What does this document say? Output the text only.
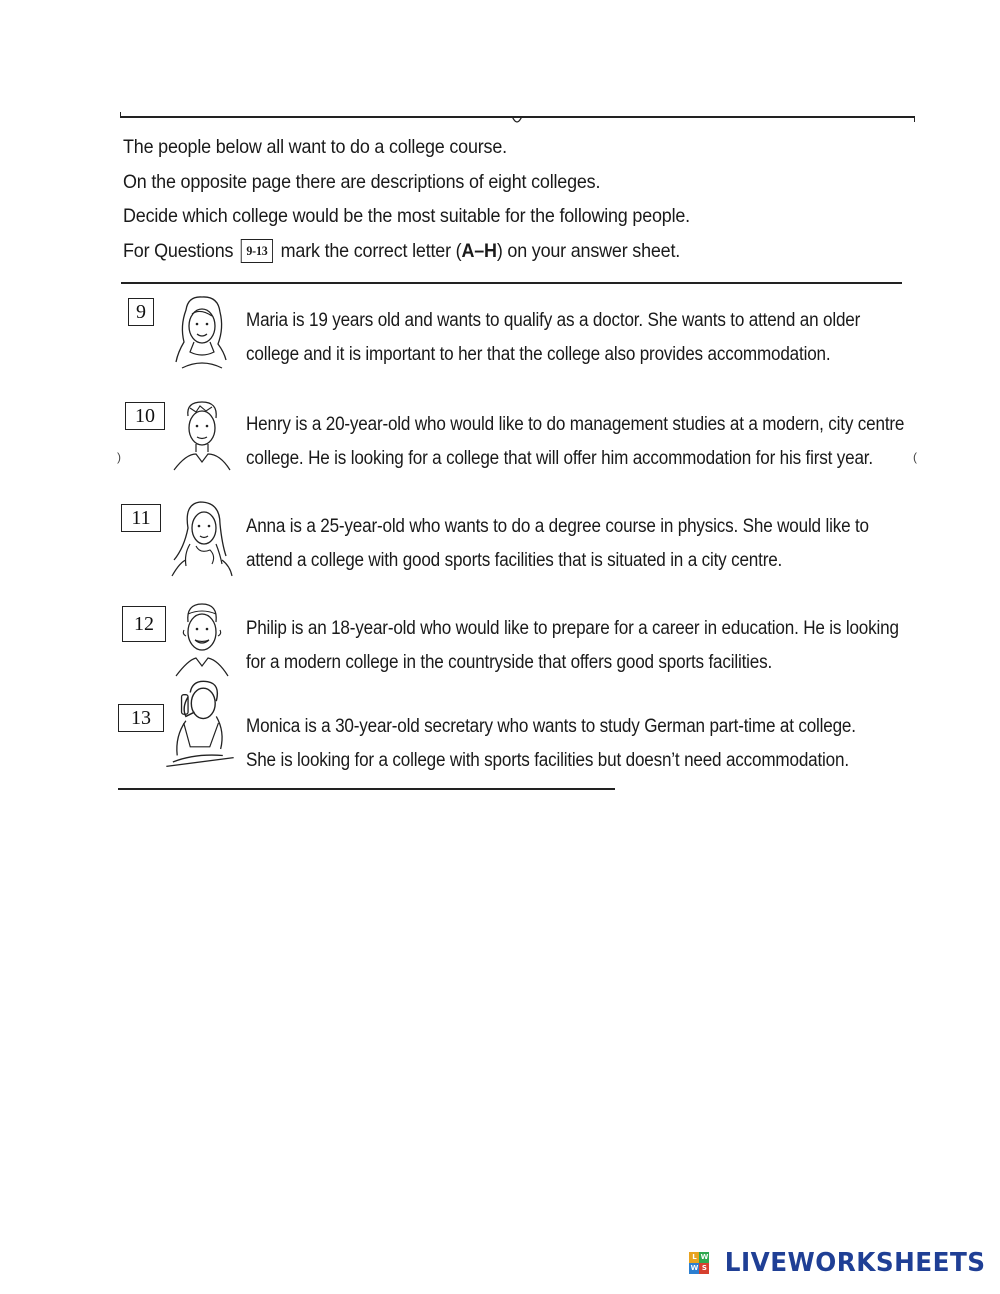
The people below all want to do a college course.
On the opposite page there are descriptions of eight colleges.
Decide which college would be the most suitable for the following people.
For Questions 9-13 mark the correct letter (A–H) on your answer sheet.
9	Maria is 19 years old and wants to qualify as a doctor. She wants to attend an older
college and it is important to her that the college also provides accommodation.
10	Henry is a 20-year-old who would like to do management studies at a modern, city centre
college. He is looking for a college that will offer him accommodation for his first year.
11	Anna is a 25-year-old who wants to do a degree course in physics. She would like to
attend a college with good sports facilities that is situated in a city centre.
12	Philip is an 18-year-old who would like to prepare for a career in education. He is looking
for a modern college in the countryside that offers good sports facilities.
13	Monica is a 30-year-old secretary who wants to study German part-time at college.
She is looking for a college with sports facilities but doesn’t need accommodation.
)	(
L W
W S LIVEWORKSHEETS
